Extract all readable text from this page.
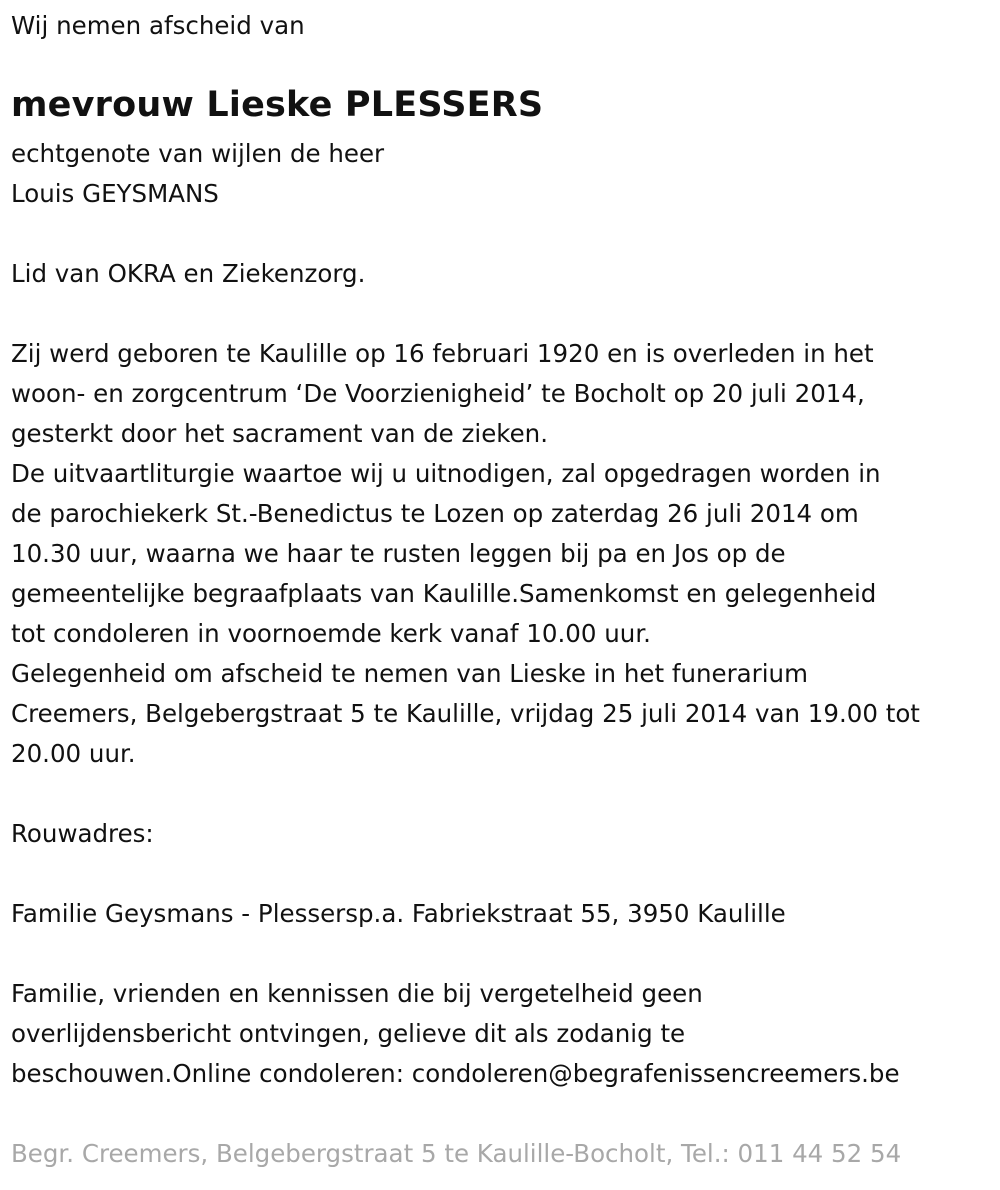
Wij nemen afscheid van
mevrouw Lieske PLESSERS
echtgenote van wijlen de heer
Louis GEYSMANS
Lid van OKRA en Ziekenzorg.
Zij werd geboren te Kaulille op 16 februari 1920 en is overleden in het
woon- en zorgcentrum ‘De Voorzienigheid’ te Bocholt op 20 juli 2014,
gesterkt door het sacrament van de zieken.
De uitvaartliturgie waartoe wij u uitnodigen, zal opgedragen worden in
de parochiekerk St.-Benedictus te Lozen op zaterdag 26 juli 2014 om
10.30 uur, waarna we haar te rusten leggen bij pa en Jos op de
gemeentelijke begraafplaats van Kaulille.Samenkomst en gelegenheid
tot condoleren in voornoemde kerk vanaf 10.00 uur.
Gelegenheid om afscheid te nemen van Lieske in het funerarium
Creemers, Belgebergstraat 5 te Kaulille, vrijdag 25 juli 2014 van 19.00 tot
20.00 uur.
Rouwadres:
Familie Geysmans - Plessersp.a. Fabriekstraat 55, 3950 Kaulille
Familie, vrienden en kennissen die bij vergetelheid geen
overlijdensbericht ontvingen, gelieve dit als zodanig te
beschouwen.Online condoleren: condoleren@begrafenissencreemers.be
Begr. Creemers, Belgebergstraat 5 te Kaulille-Bocholt, Tel.: 011 44 52 54
